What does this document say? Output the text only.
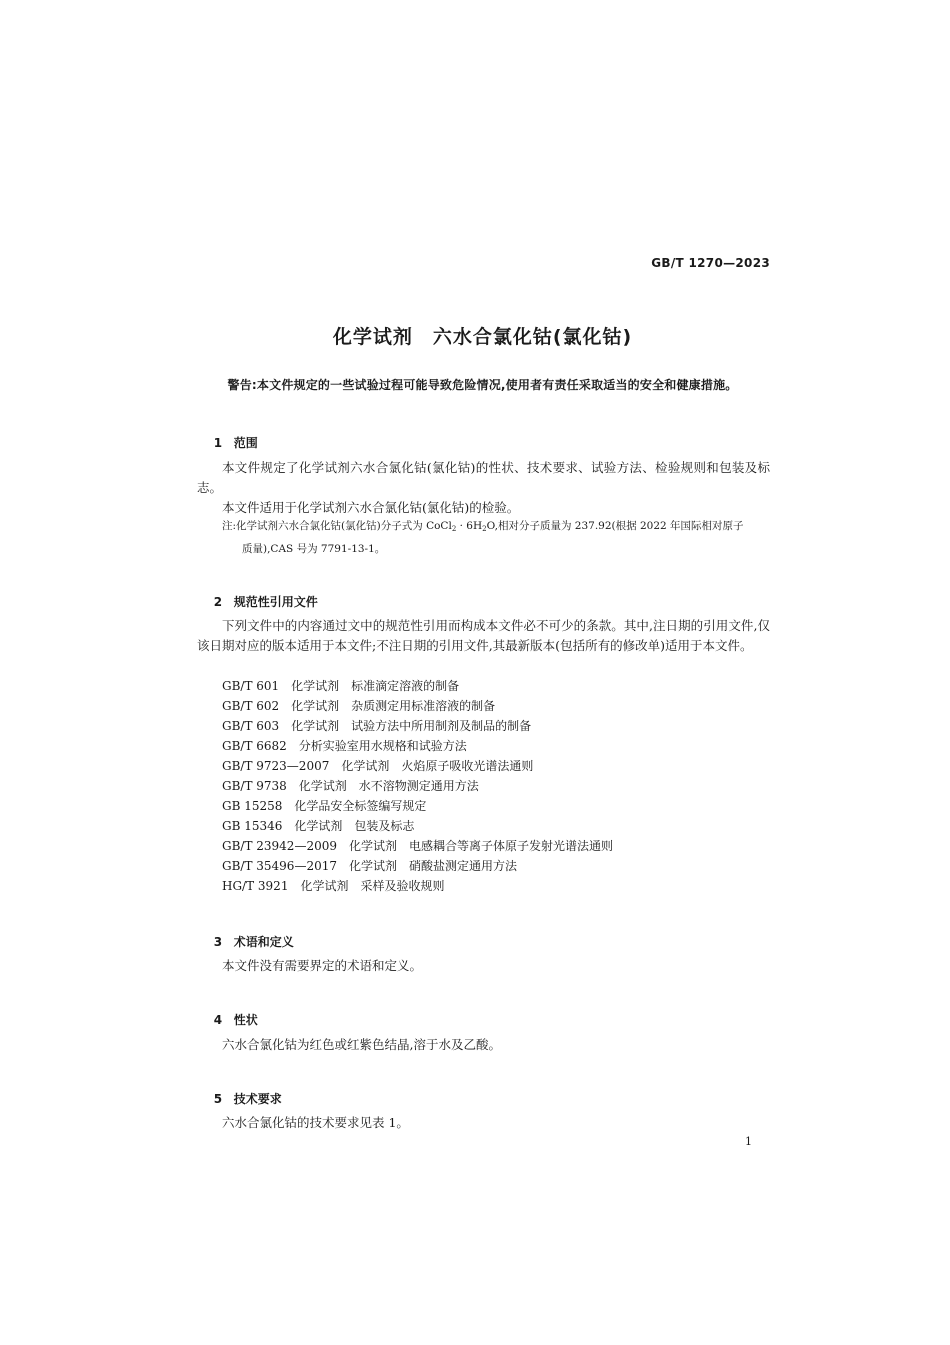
GB/T 1270—2023
化学试剂　六水合氯化钴(氯化钴)
警告:本文件规定的一些试验过程可能导致危险情况,使用者有责任采取适当的安全和健康措施。

1 范围

本文件规定了化学试剂六水合氯化钴(氯化钴)的性状、技术要求、试验方法、检验规则和包装及标志。
本文件适用于化学试剂六水合氯化钴(氯化钴)的检验。
注:化学试剂六水合氯化钴(氯化钴)分子式为 CoCl$_2$ · $6H_2O$,相对分子质量为 237.92(根据 2022 年国际相对原子
质量),CAS 号为 7791-13-1。

2 规范性引用文件

下列文件中的内容通过文中的规范性引用而构成本文件必不可少的条款。其中,注日期的引用文件,仅该日期对应的版本适用于本文件;不注日期的引用文件,其最新版本(包括所有的修改单)适用于本文件。
GB/T 601　化学试剂　标准滴定溶液的制备
GB/T 602　化学试剂　杂质测定用标准溶液的制备
GB/T 603　化学试剂　试验方法中所用制剂及制品的制备
GB/T 6682　分析实验室用水规格和试验方法
GB/T 9723—2007　化学试剂　火焰原子吸收光谱法通则
GB/T 9738　化学试剂　水不溶物测定通用方法
GB 15258　化学品安全标签编写规定
GB 15346　化学试剂　包装及标志
GB/T 23942—2009　化学试剂　电感耦合等离子体原子发射光谱法通则
GB/T 35496—2017　化学试剂　硝酸盐测定通用方法
HG/T 3921　化学试剂　采样及验收规则

3 术语和定义

本文件没有需要界定的术语和定义。

4 性状

六水合氯化钴为红色或红紫色结晶,溶于水及乙酸。

5 技术要求

六水合氯化钴的技术要求见表 1。
1
